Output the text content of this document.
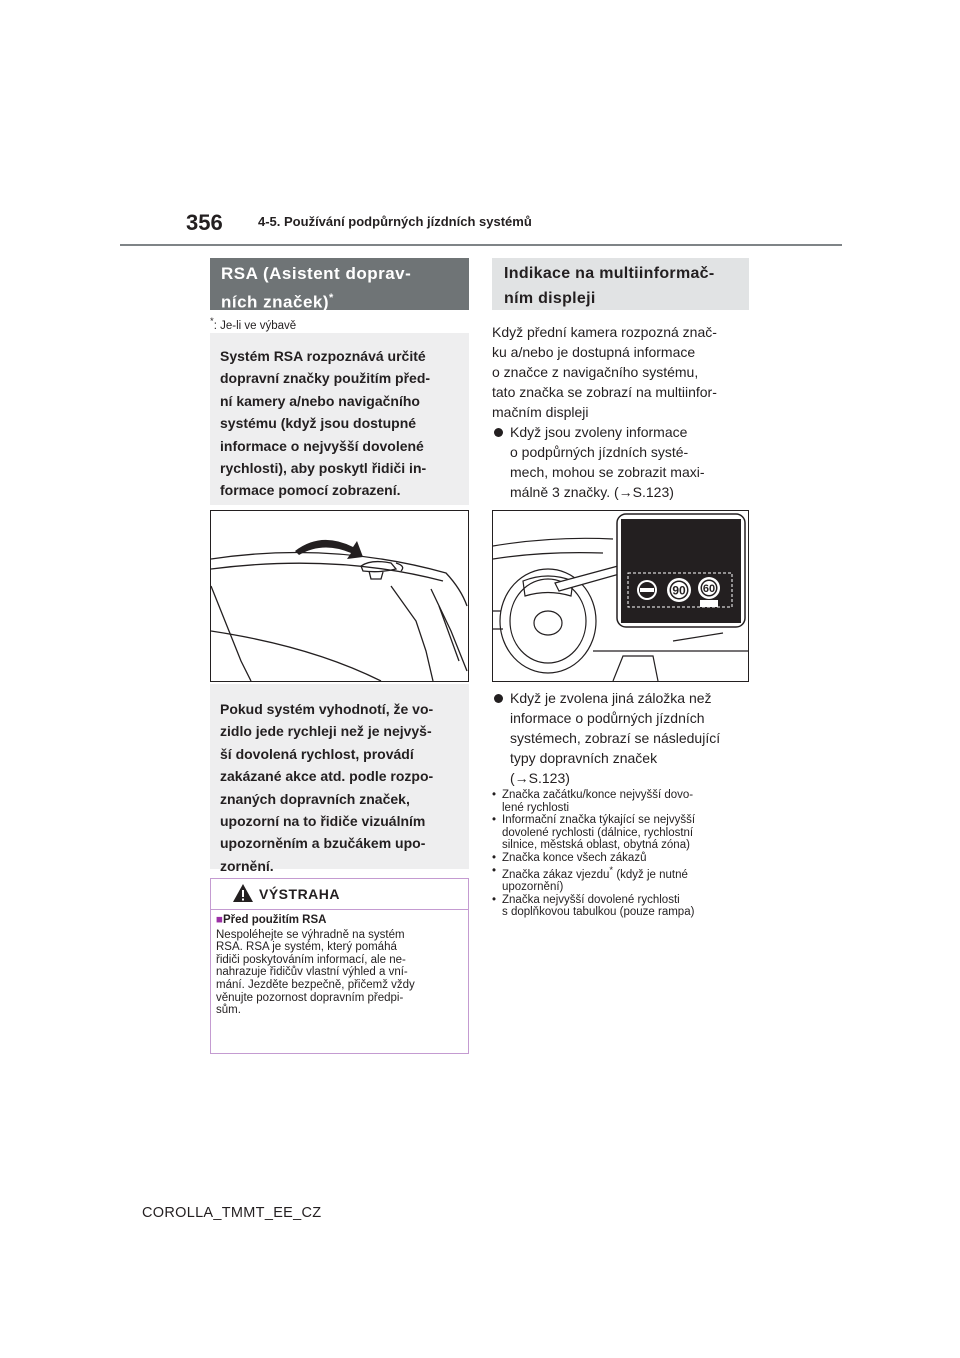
356	4-5. Používání podpůrných jízdních systémů
RSA (Asistent doprav-
ních značek)*
*: Je-li ve výbavě
Systém RSA rozpoznává určité
dopravní značky použitím před-
ní kamery a/nebo navigačního
systému (když jsou dostupné
informace o nejvyšší dovolené
rychlosti), aby poskytl řidiči in-
formace pomocí zobrazení.
Pokud systém vyhodnotí, že vo-
zidlo jede rychleji než je nejvyš-
ší dovolená rychlost, provádí
zakázané akce atd. podle rozpo-
znaných dopravních značek,
upozorní na to řidiče vizuálním
upozorněním a bzučákem upo-
zornění.
VÝSTRAHA
■Před použitím RSA
Nespoléhejte se výhradně na systém
RSA. RSA je systém, který pomáhá
řidiči poskytováním informací, ale ne-
nahrazuje řidičův vlastní výhled a vní-
mání. Jezděte bezpečně, přičemž vždy
věnujte pozornost dopravním předpi-
sům.
Indikace na multiinformač-
ním displeji
Když přední kamera rozpozná znač-
ku a/nebo je dostupná informace
o značce z navigačního systému,
tato značka se zobrazí na multiinfor-
mačním displeji
Když jsou zvoleny informace
o podpůrných jízdních systé-
mech, mohou se zobrazit maxi-
málně 3 značky. (→S.123)
90 60
Když je zvolena jiná záložka než
informace o podůrných jízdních
systémech, zobrazí se následující
typy dopravních značek
(→S.123)
• Značka začátku/konce nejvyšší dovo-
lené rychlosti
• Informační značka týkající se nejvyšší
dovolené rychlosti (dálnice, rychlostní
silnice, městská oblast, obytná zóna)
• Značka konce všech zákazů
• Značka zákaz vjezdu* (když je nutné
upozornění)
• Značka nejvyšší dovolené rychlosti
s doplňkovou tabulkou (pouze rampa)
COROLLA_TMMT_EE_CZ
